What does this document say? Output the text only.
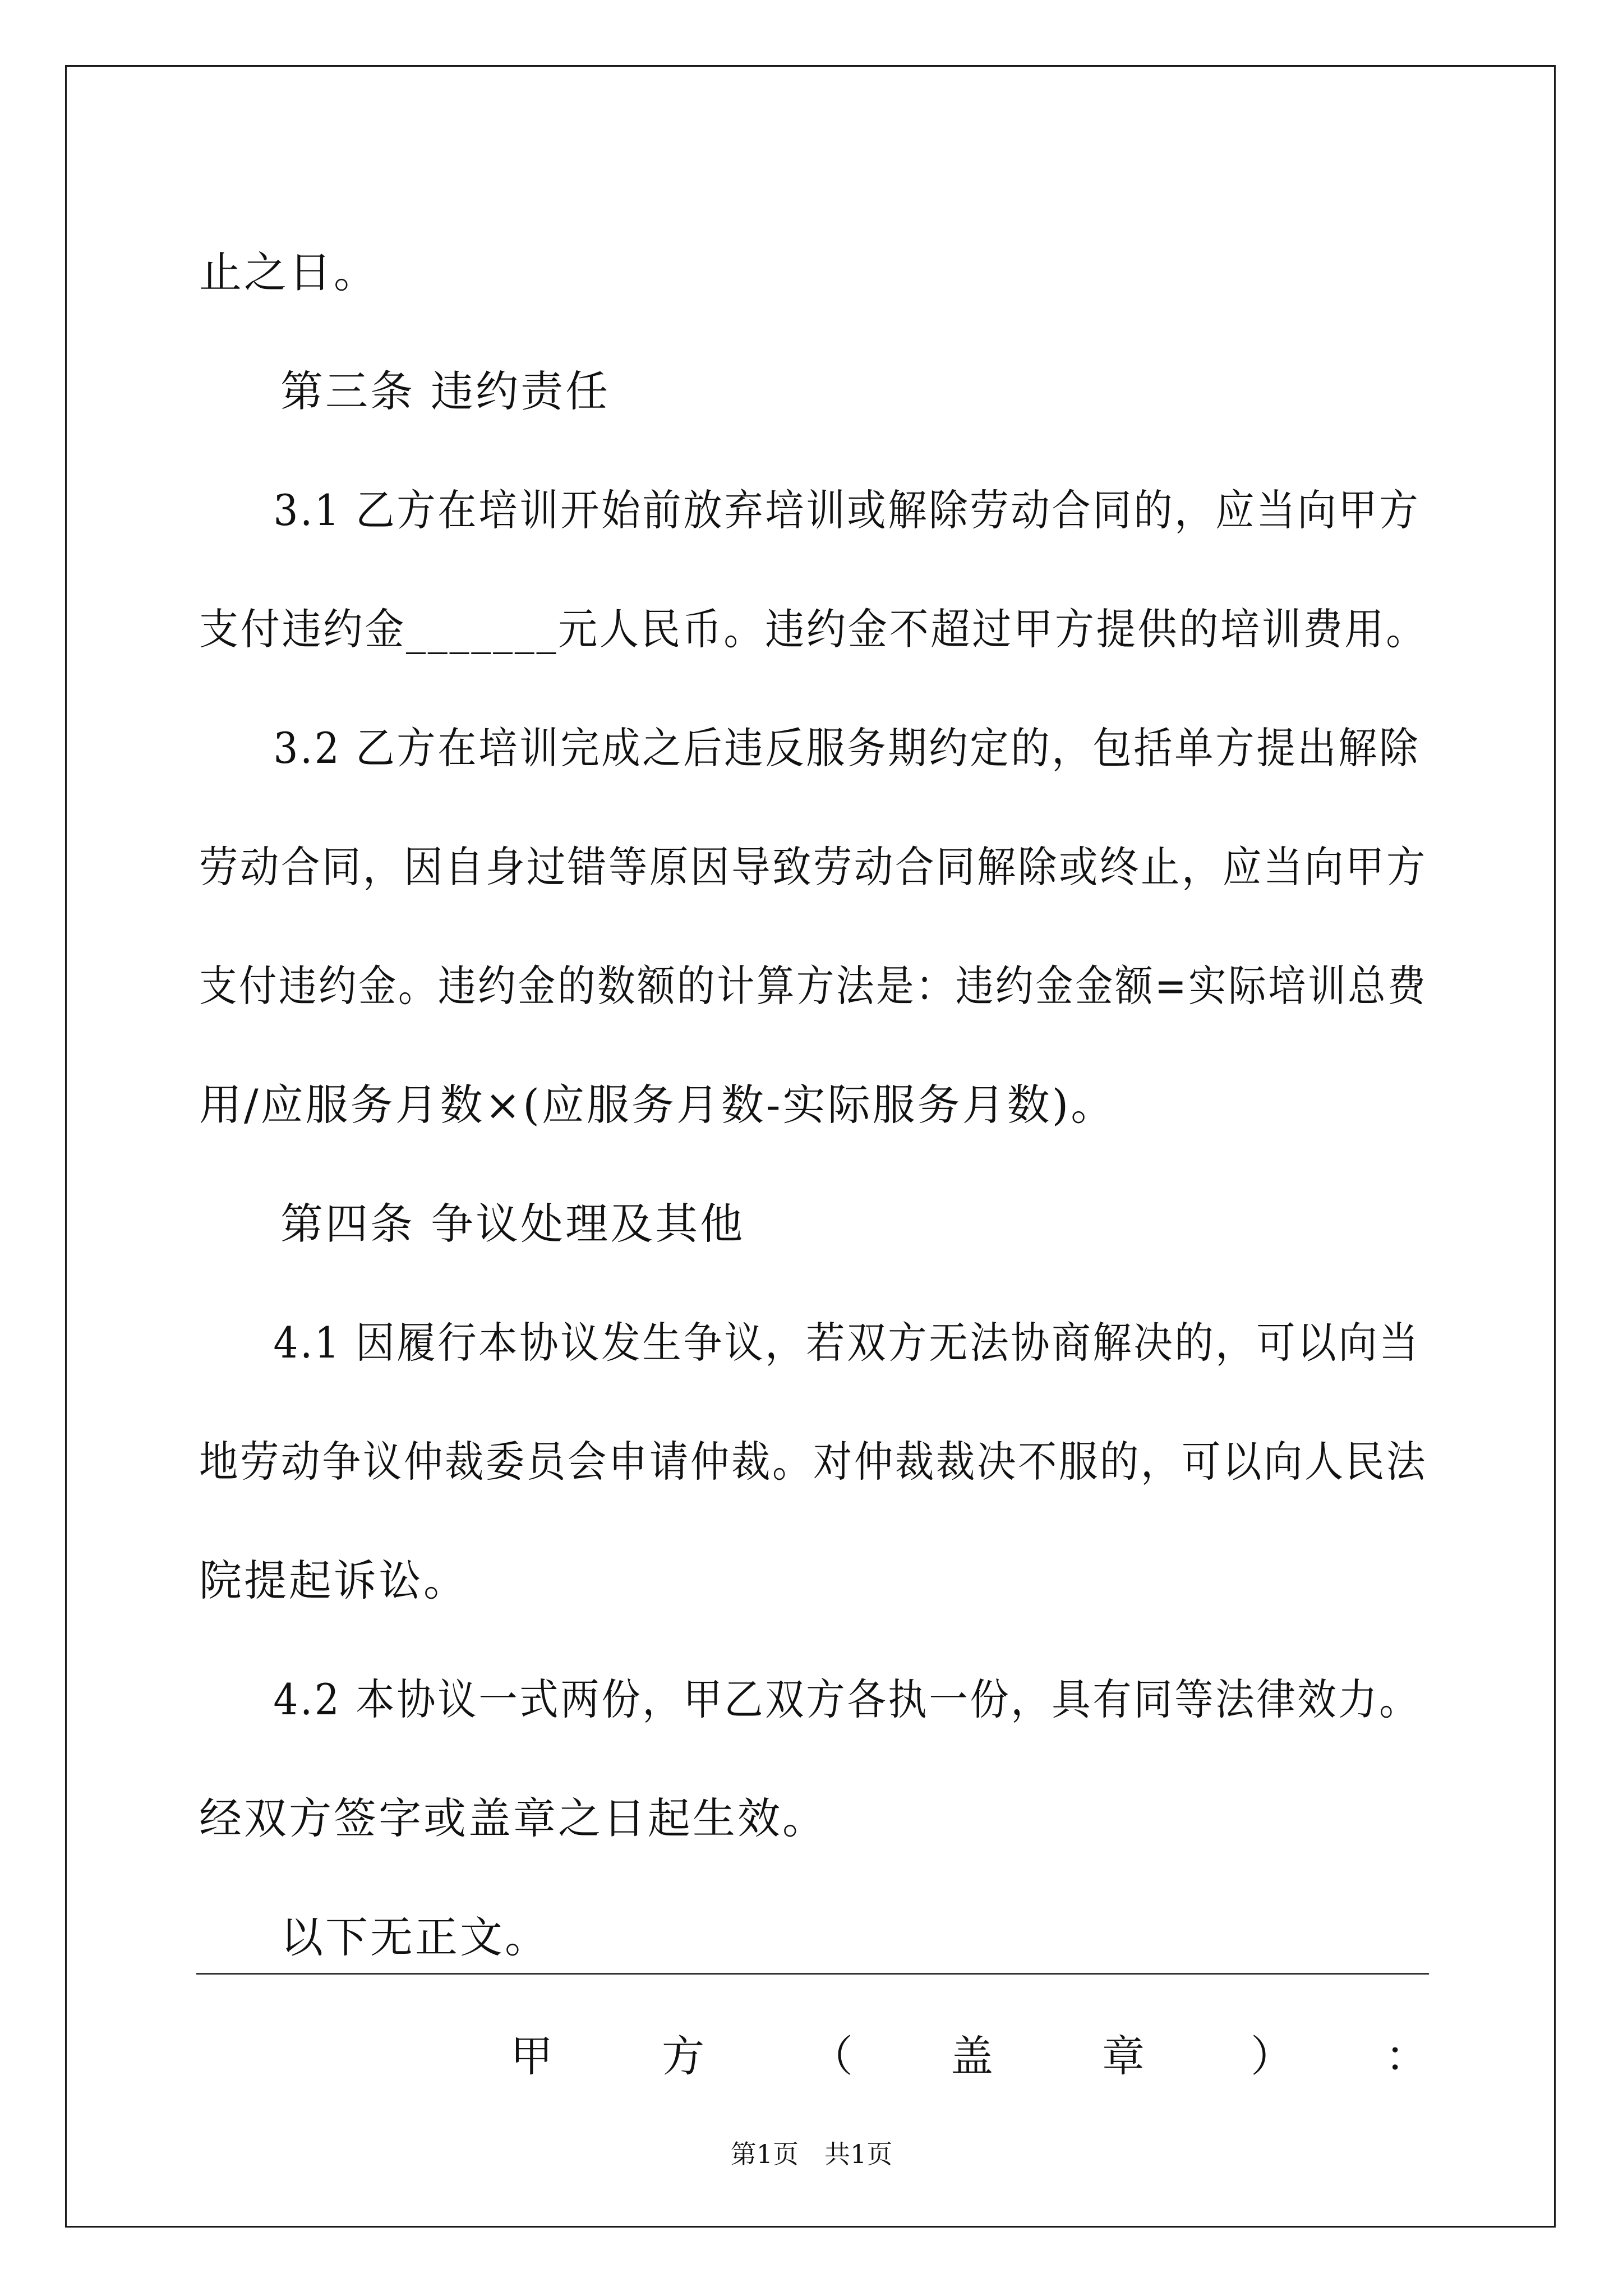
止之日。
第三条 违约责任
3.1 乙方在培训开始前放弃培训或解除劳动合同的，应当向甲方
支付违约金_______元人民币。违约金不超过甲方提供的培训费用。
3.2 乙方在培训完成之后违反服务期约定的，包括单方提出解除
劳动合同，因自身过错等原因导致劳动合同解除或终止，应当向甲方
支付违约金。违约金的数额的计算方法是：违约金金额=实际培训总费
用/应服务月数×(应服务月数-实际服务月数)。
第四条 争议处理及其他
4.1 因履行本协议发生争议，若双方无法协商解决的，可以向当
地劳动争议仲裁委员会申请仲裁。对仲裁裁决不服的，可以向人民法
院提起诉讼。
4.2 本协议一式两份，甲乙双方各执一份，具有同等法律效力。
经双方签字或盖章之日起生效。
以下无正文。
甲	方 （ 盖	章 ） ：
第1页　共1页
